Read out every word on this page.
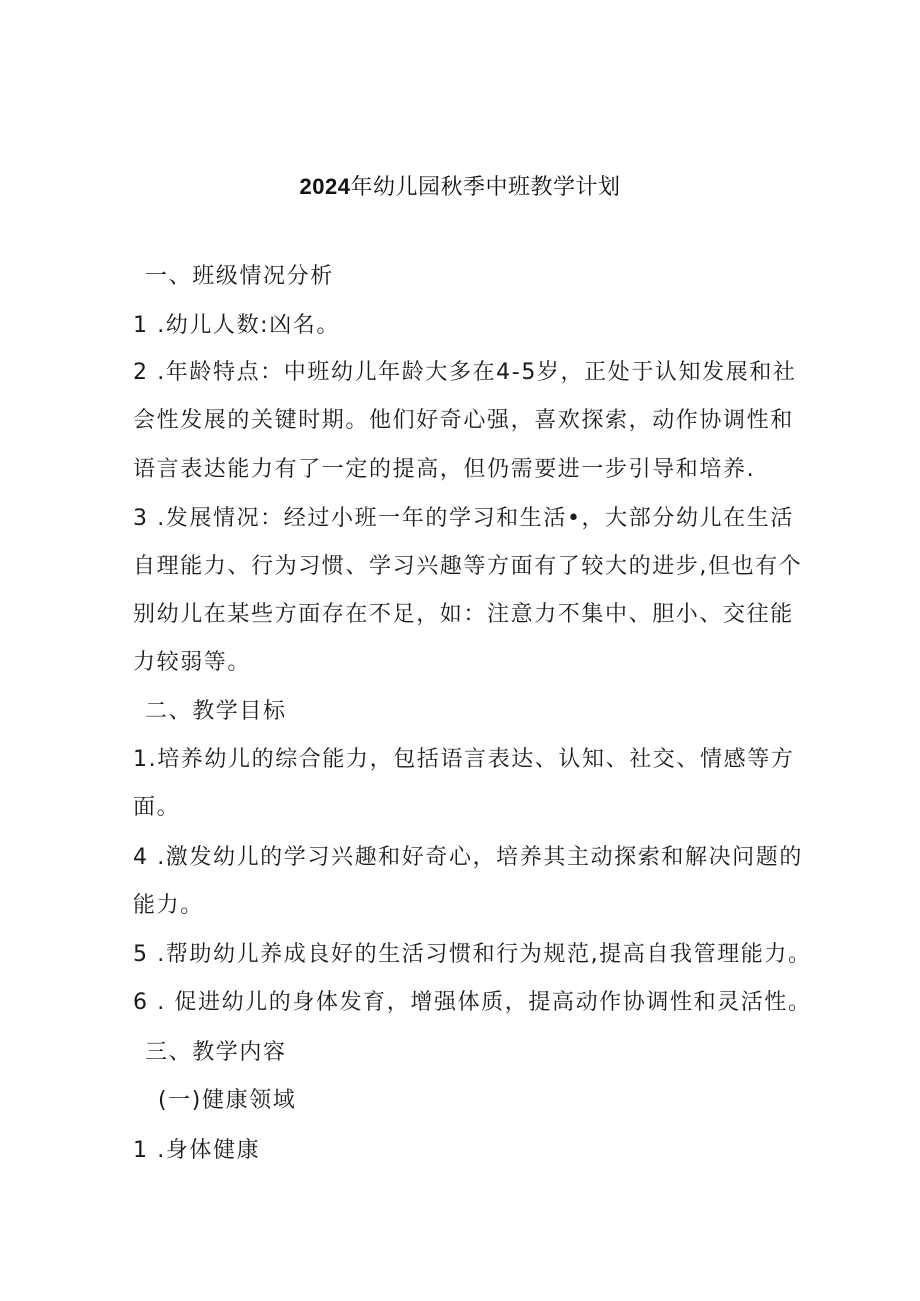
2024年幼儿园秋季中班教学计划
一、班级情况分析
1 .幼儿人数:凶名。
2 .年龄特点：中班幼儿年龄大多在4-5岁，正处于认知发展和社
会性发展的关键时期。他们好奇心强，喜欢探索，动作协调性和
语言表达能力有了一定的提高，但仍需要进一步引导和培养.
3 .发展情况：经过小班一年的学习和生活•，大部分幼儿在生活
自理能力、行为习惯、学习兴趣等方面有了较大的进步,但也有个
别幼儿在某些方面存在不足，如：注意力不集中、胆小、交往能
力较弱等。
二、教学目标
1.培养幼儿的综合能力，包括语言表达、认知、社交、情感等方
面。
4 .激发幼儿的学习兴趣和好奇心，培养其主动探索和解决问题的
能力。
5 .帮助幼儿养成良好的生活习惯和行为规范,提高自我管理能力。
6 . 促进幼儿的身体发育，增强体质，提高动作协调性和灵活性。
三、教学内容
(一)健康领域
1 .身体健康
